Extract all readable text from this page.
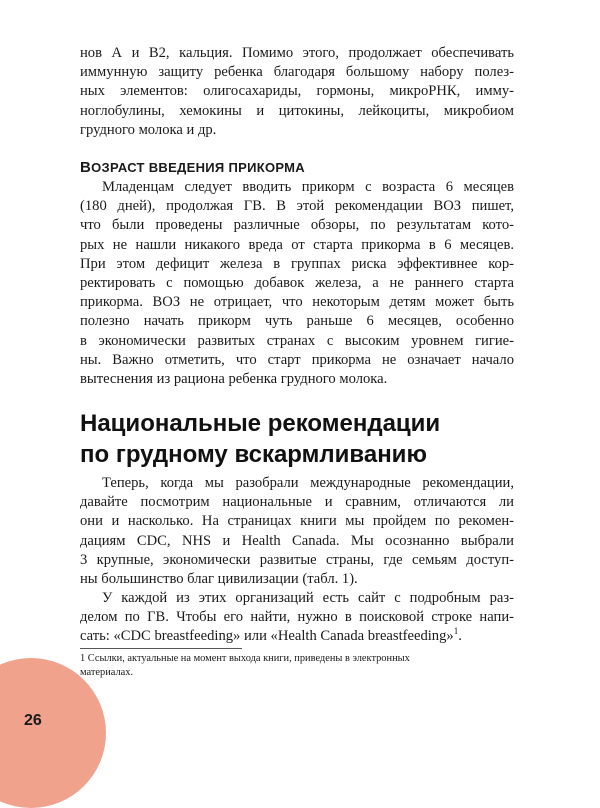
нов А и В2, кальция. Помимо этого, продолжает обеспечивать

иммунную защиту ребенка благодаря большому набору полез-

ных элементов: олигосахариды, гормоны, микроРНК, имму-

ноглобулины, хемокины и цитокины, лейкоциты, микробиом

грудного молока и др.

ВОЗРАСТ ВВЕДЕНИЯ ПРИКОРМА

Младенцам следует вводить прикорм с возраста 6 месяцев

(180 дней), продолжая ГВ. В этой рекомендации ВОЗ пишет,

что были проведены различные обзоры, по результатам кото-

рых не нашли никакого вреда от старта прикорма в 6 месяцев.

При этом дефицит железа в группах риска эффективнее кор-

ректировать с помощью добавок железа, а не раннего старта

прикорма. ВОЗ не отрицает, что некоторым детям может быть

полезно начать прикорм чуть раньше 6 месяцев, особенно

в экономически развитых странах с высоким уровнем гигие-

ны. Важно отметить, что старт прикорма не означает начало

вытеснения из рациона ребенка грудного молока.

Национальные рекомендации

по грудному вскармливанию

Теперь, когда мы разобрали международные рекомендации,

давайте посмотрим национальные и сравним, отличаются ли

они и насколько. На страницах книги мы пройдем по рекомен-

дациям CDC, NHS и Health Canada. Мы осознанно выбрали

3 крупные, экономически развитые страны, где семьям доступ-

ны большинство благ цивилизации (табл. 1).

У каждой из этих организаций есть сайт с подробным раз-

делом по ГВ. Чтобы его найти, нужно в поисковой строке напи-

сать: «CDC breastfeeding» или «Health Canada breastfeeding»$^1$.

1 Ссылки, актуальные на момент выхода книги, приведены в электронных

материалах.

26
